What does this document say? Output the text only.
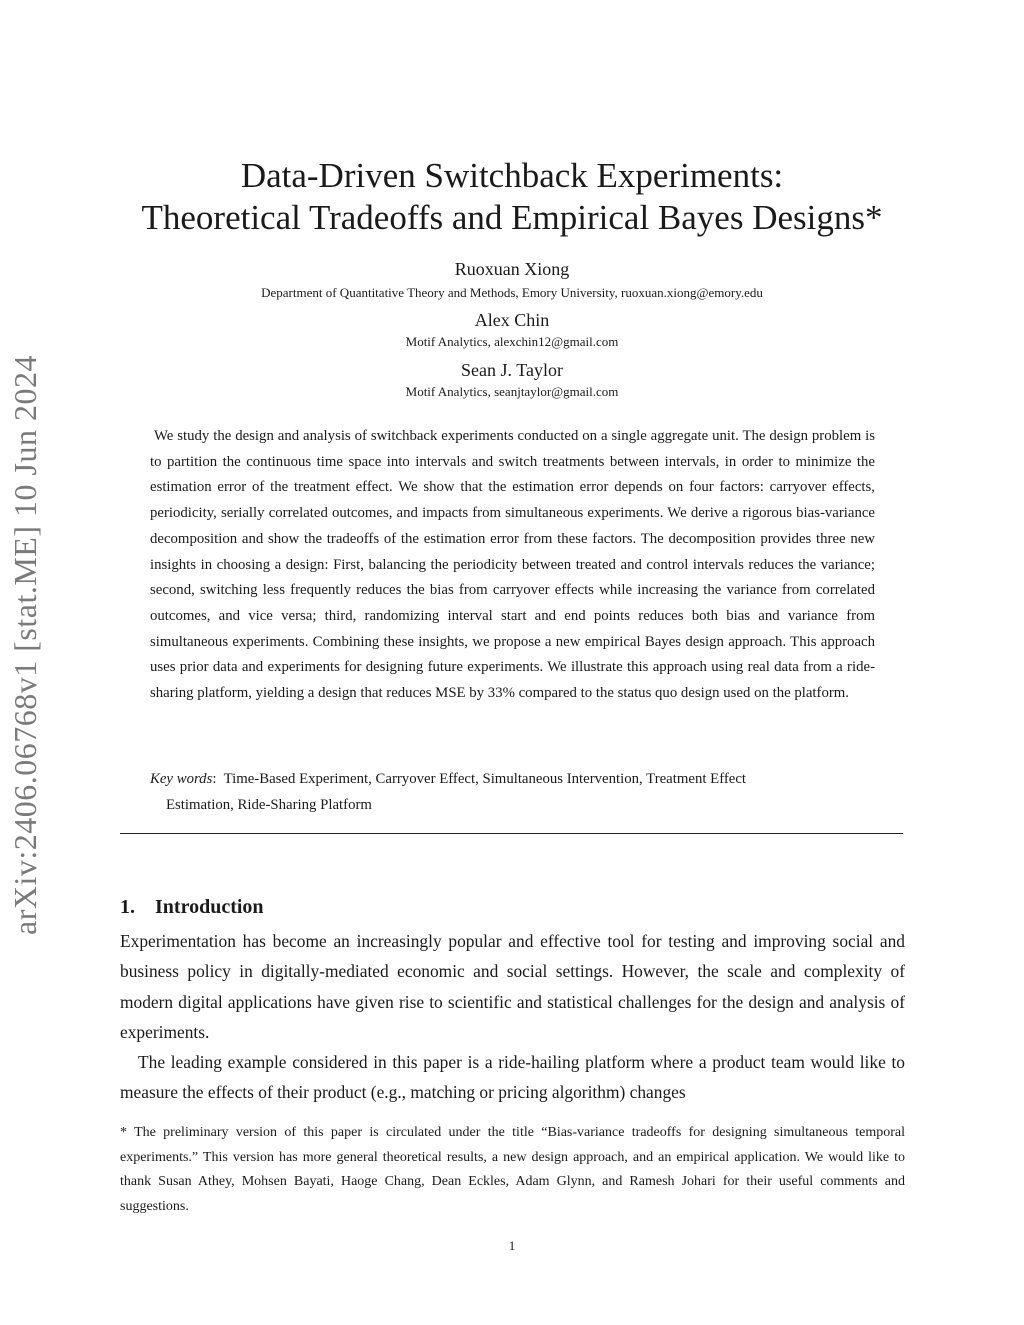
arXiv:2406.06768v1 [stat.ME] 10 Jun 2024
Data-Driven Switchback Experiments:
Theoretical Tradeoffs and Empirical Bayes Designs*
Ruoxuan Xiong
Department of Quantitative Theory and Methods, Emory University, ruoxuan.xiong@emory.edu
Alex Chin
Motif Analytics, alexchin12@gmail.com
Sean J. Taylor
Motif Analytics, seanjtaylor@gmail.com

We study the design and analysis of switchback experiments conducted on a single aggregate unit. The design problem is to partition the continuous time space into intervals and switch treatments between intervals, in order to minimize the estimation error of the treatment effect. We show that the estimation error depends on four factors: carryover effects, periodicity, serially correlated outcomes, and impacts from simultaneous experiments. We derive a rigorous bias-variance decomposition and show the tradeoffs of the estimation error from these factors. The decomposition provides three new insights in choosing a design: First, balancing the periodicity between treated and control intervals reduces the variance; second, switching less frequently reduces the bias from carryover effects while increasing the variance from correlated outcomes, and vice versa; third, randomizing interval start and end points reduces both bias and variance from simultaneous experiments. Combining these insights, we propose a new empirical Bayes design approach. This approach uses prior data and experiments for designing future experiments. We illustrate this approach using real data from a ride-sharing platform, yielding a design that reduces MSE by 33% compared to the status quo design used on the platform.

Key words:  Time-Based Experiment, Carryover Effect, Simultaneous Intervention, Treatment Effect
Estimation, Ride-Sharing Platform
1. Introduction

Experimentation has become an increasingly popular and effective tool for testing and improving social and business policy in digitally-mediated economic and social settings. However, the scale and complexity of modern digital applications have given rise to scientific and statistical challenges for the design and analysis of experiments.

The leading example considered in this paper is a ride-hailing platform where a product team would like to measure the effects of their product (e.g., matching or pricing algorithm) changes

* The preliminary version of this paper is circulated under the title “Bias-variance tradeoffs for designing simultaneous temporal experiments.” This version has more general theoretical results, a new design approach, and an empirical application. We would like to thank Susan Athey, Mohsen Bayati, Haoge Chang, Dean Eckles, Adam Glynn, and Ramesh Johari for their useful comments and suggestions.
1
